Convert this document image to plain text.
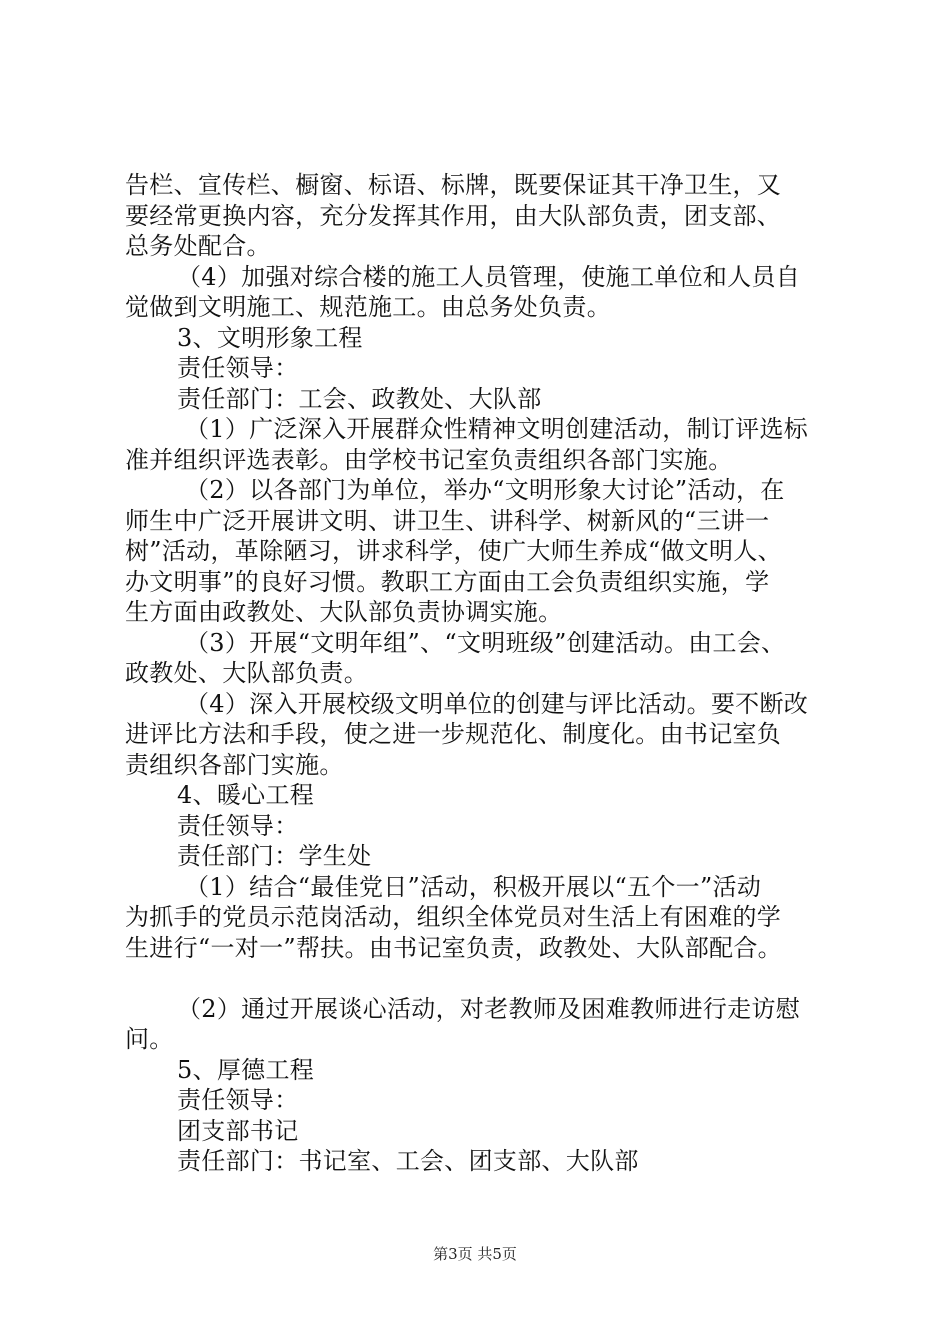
告栏、宣传栏、橱窗、标语、标牌，既要保证其干净卫生，又
要经常更换内容，充分发挥其作用，由大队部负责，团支部、
总务处配合。
（4）加强对综合楼的施工人员管理，使施工单位和人员自
觉做到文明施工、规范施工。由总务处负责。
3、文明形象工程
责任领导：
责任部门：工会、政教处、大队部
（1）广泛深入开展群众性精神文明创建活动，制订评选标
准并组织评选表彰。由学校书记室负责组织各部门实施。
（2）以各部门为单位，举办“文明形象大讨论”活动，在
师生中广泛开展讲文明、讲卫生、讲科学、树新风的“三讲一
树”活动，革除陋习，讲求科学，使广大师生养成“做文明人、
办文明事”的良好习惯。教职工方面由工会负责组织实施，学
生方面由政教处、大队部负责协调实施。
（3）开展“文明年组”、“文明班级”创建活动。由工会、
政教处、大队部负责。
（4）深入开展校级文明单位的创建与评比活动。要不断改
进评比方法和手段，使之进一步规范化、制度化。由书记室负
责组织各部门实施。
4、暖心工程
责任领导：
责任部门：学生处
（1）结合“最佳党日”活动，积极开展以“五个一”活动
为抓手的党员示范岗活动，组织全体党员对生活上有困难的学
生进行“一对一”帮扶。由书记室负责，政教处、大队部配合。
（2）通过开展谈心活动，对老教师及困难教师进行走访慰
问。
5、厚德工程
责任领导：
团支部书记
责任部门：书记室、工会、团支部、大队部
第3页 共5页
